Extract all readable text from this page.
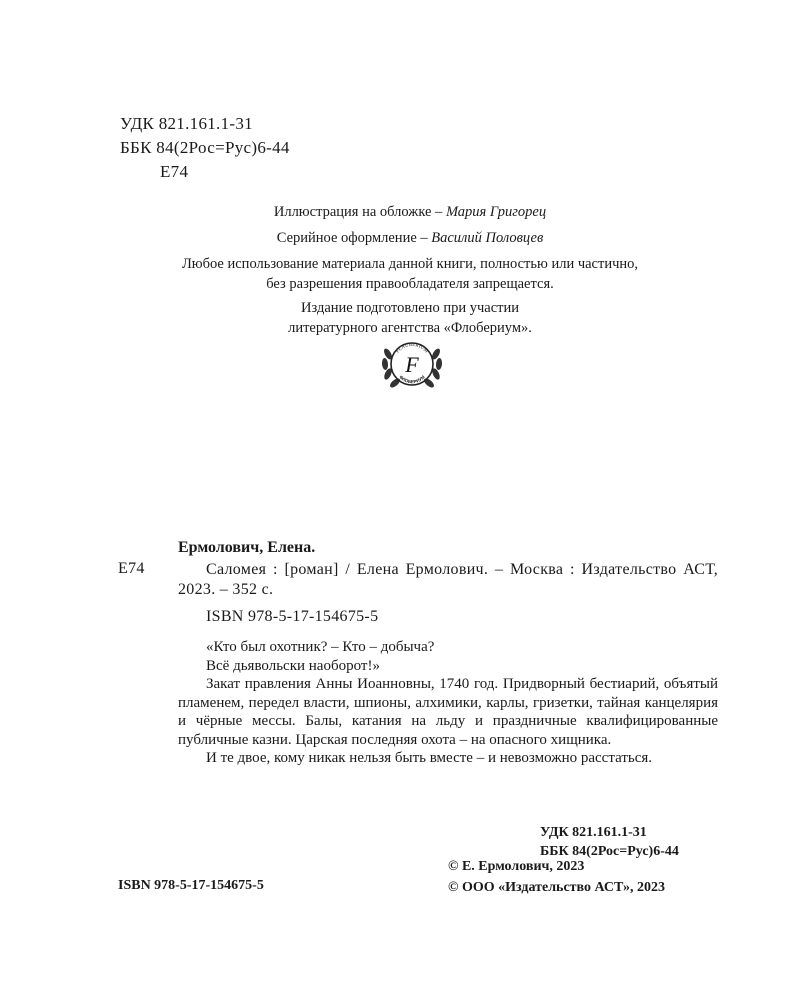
УДК 821.161.1-31
ББК 84(2Рос=Рус)6-44
Е74
Иллюстрация на обложке – Мария Григорец
Серийное оформление – Василий Половцев
Любое использование материала данной книги, полностью или частично,
без разрешения правообладателя запрещается.
Издание подготовлено при участии
литературного агентства «Флобериум».
FLAUBERIUM
F
ФЛОБЕРИУМ
Ермолович, Елена.
Е74	Саломея : [роман] / Елена Ермолович. – Москва : Издательство АСТ, 2023. – 352 с.
ISBN 978-5-17-154675-5

«Кто был охотник? – Кто – добыча?

Всё дьявольски наоборот!»

Закат правления Анны Иоанновны, 1740 год. Придворный бестиарий, объятый пламенем, передел власти, шпионы, алхимики, карлы, гризетки, тайная канцелярия и чёрные мессы. Балы, катания на льду и праздничные квалифицированные публичные казни. Царская последняя охота – на опасного хищника.

И те двое, кому никак нельзя быть вместе – и невозможно расстаться.

УДК 821.161.1-31
ББК 84(2Рос=Рус)6-44
ISBN 978-5-17-154675-5
© Е. Ермолович, 2023
© ООО «Издательство АСТ», 2023
